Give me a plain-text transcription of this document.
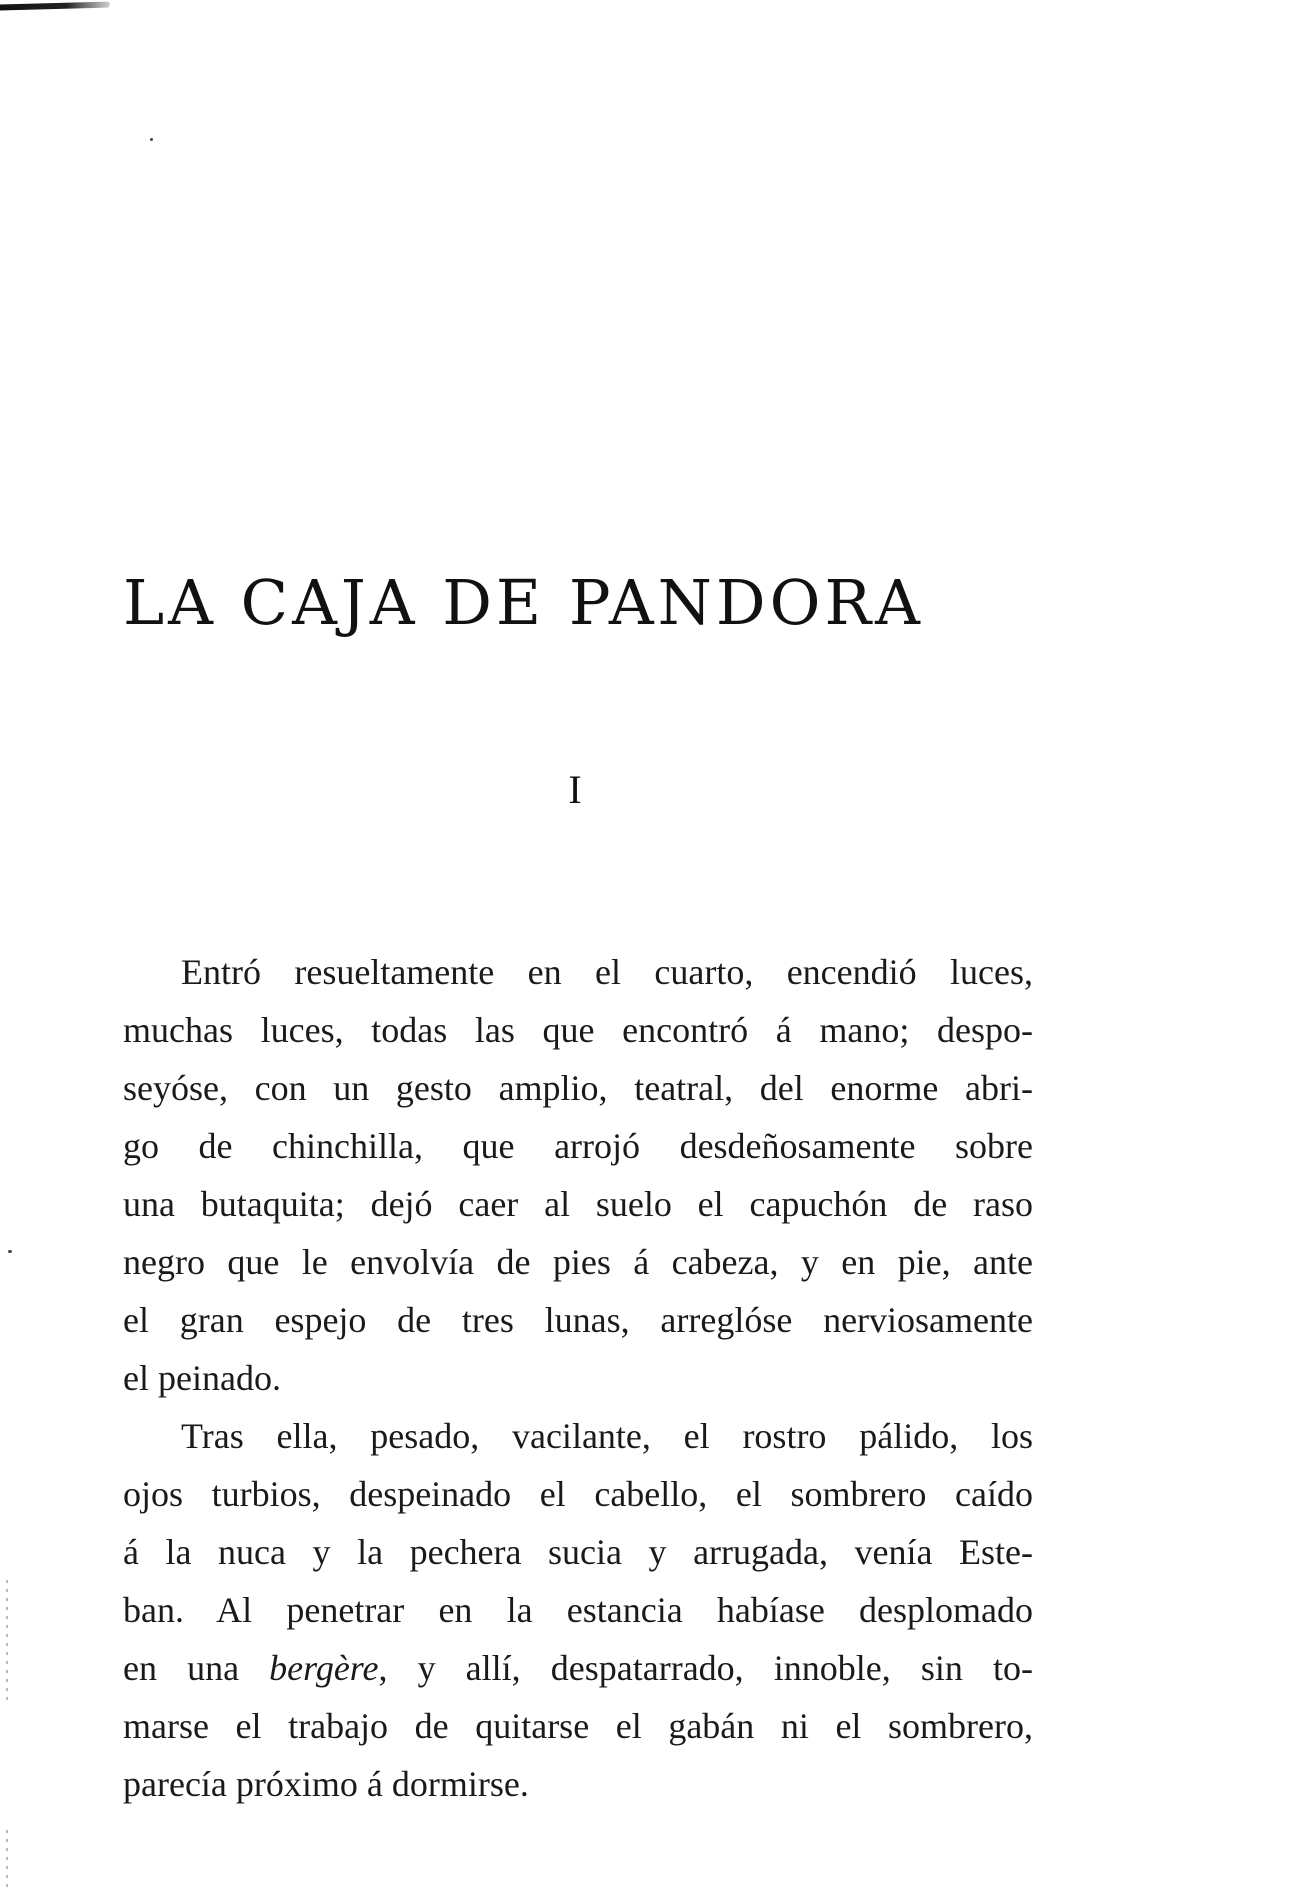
LA CAJA DE PANDORA
I
Entró resueltamente en el cuarto, encendió luces,
muchas luces, todas las que encontró á mano; despo-
seyóse, con un gesto amplio, teatral, del enorme abri-
go de chinchilla, que arrojó desdeñosamente sobre
una butaquita; dejó caer al suelo el capuchón de raso
negro que le envolvía de pies á cabeza, y en pie, ante
el gran espejo de tres lunas, arreglóse nerviosamente
el peinado.
Tras ella, pesado, vacilante, el rostro pálido, los
ojos turbios, despeinado el cabello, el sombrero caído
á la nuca y la pechera sucia y arrugada, venía Este-
ban. Al penetrar en la estancia habíase desplomado
en una bergère, y allí, despatarrado, innoble, sin to-
marse el trabajo de quitarse el gabán ni el sombrero,
parecía próximo á dormirse.
